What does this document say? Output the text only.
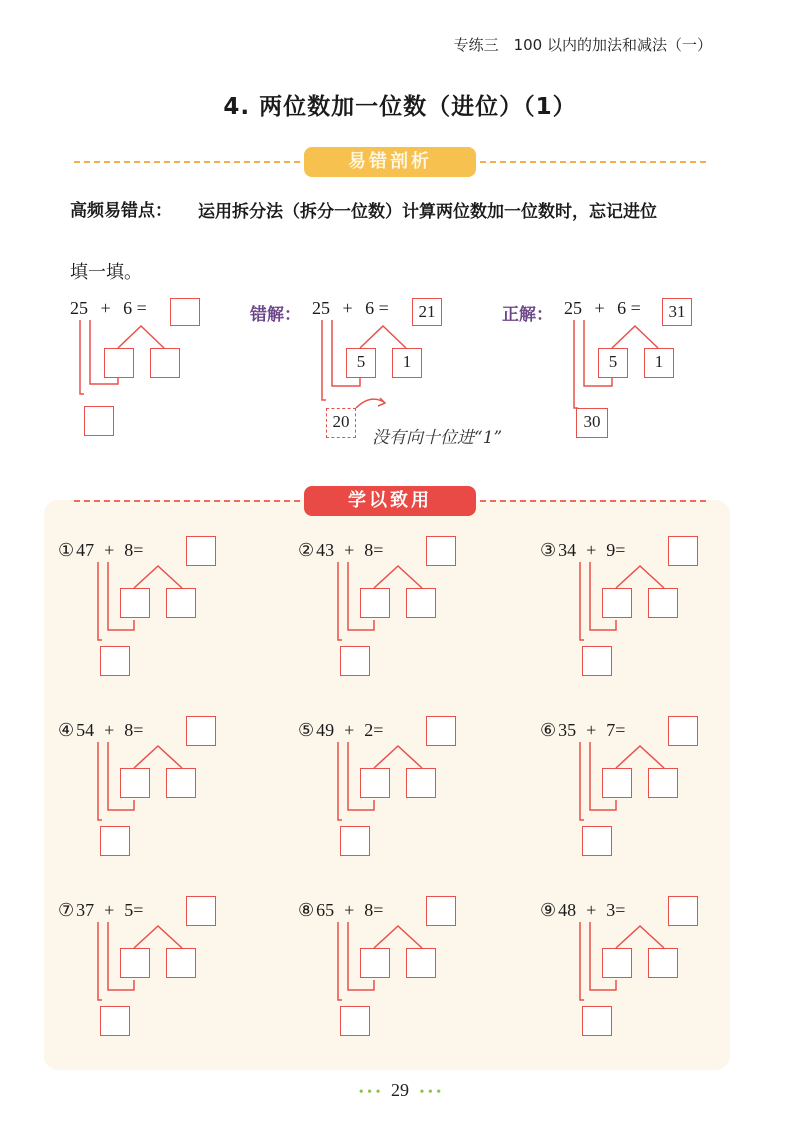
专练三　100 以内的加法和减法（一）
4. 两位数加一位数（进位）（1）
易错剖析
高频易错点： 运用拆分法（拆分一位数）计算两位数加一位数时，忘记进位
填一填。
25 + 6 =	错解： 25 + 6 =	21
5	1
20
没有向十位进“1”
正解： 25 + 6 =	31
5	1
30
学以致用
① 47 + 8=	② 43 + 8=	③ 34 + 9=
④ 54 + 8=	⑤ 49 + 2=	⑥ 35 + 7=
⑦ 37 + 5=	⑧ 65 + 8=	⑨ 48 + 3=
• • • 29 • • •
